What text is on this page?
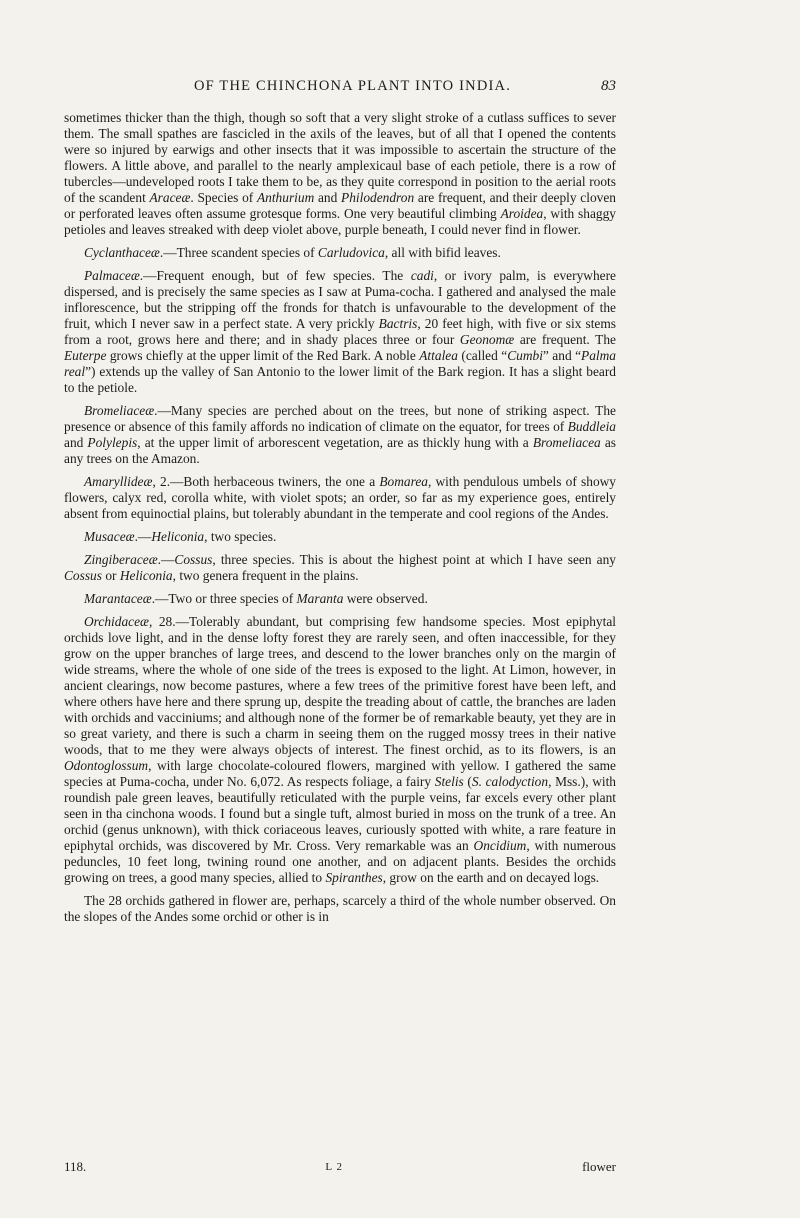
OF THE CHINCHONA PLANT INTO INDIA.	83

sometimes thicker than the thigh, though so soft that a very slight stroke of a cutlass suffices to sever them. The small spathes are fascicled in the axils of the leaves, but of all that I opened the contents were so injured by earwigs and other insects that it was impossible to ascertain the structure of the flowers. A little above, and parallel to the nearly amplexicaul base of each petiole, there is a row of tubercles—undeveloped roots I take them to be, as they quite correspond in position to the aerial roots of the scandent Araceæ. Species of Anthurium and Philodendron are frequent, and their deeply cloven or perforated leaves often assume grotesque forms. One very beautiful climbing Aroidea, with shaggy petioles and leaves streaked with deep violet above, purple beneath, I could never find in flower.

Cyclanthaceæ.—Three scandent species of Carludovica, all with bifid leaves.

Palmaceæ.—Frequent enough, but of few species. The cadi, or ivory palm, is everywhere dispersed, and is precisely the same species as I saw at Puma-cocha. I gathered and analysed the male inflorescence, but the stripping off the fronds for thatch is unfavourable to the development of the fruit, which I never saw in a perfect state. A very prickly Bactris, 20 feet high, with five or six stems from a root, grows here and there; and in shady places three or four Geonomæ are frequent. The Euterpe grows chiefly at the upper limit of the Red Bark. A noble Attalea (called “Cumbi” and “Palma real”) extends up the valley of San Antonio to the lower limit of the Bark region. It has a slight beard to the petiole.

Bromeliaceæ.—Many species are perched about on the trees, but none of striking aspect. The presence or absence of this family affords no indication of climate on the equator, for trees of Buddleia and Polylepis, at the upper limit of arborescent vegetation, are as thickly hung with a Bromeliacea as any trees on the Amazon.

Amaryllideæ, 2.—Both herbaceous twiners, the one a Bomarea, with pendulous umbels of showy flowers, calyx red, corolla white, with violet spots; an order, so far as my experience goes, entirely absent from equinoctial plains, but tolerably abundant in the temperate and cool regions of the Andes.

Musaceæ.—Heliconia, two species.

Zingiberaceæ.—Cossus, three species. This is about the highest point at which I have seen any Cossus or Heliconia, two genera frequent in the plains.

Marantaceæ.—Two or three species of Maranta were observed.

Orchidaceæ, 28.—Tolerably abundant, but comprising few handsome species. Most epiphytal orchids love light, and in the dense lofty forest they are rarely seen, and often inaccessible, for they grow on the upper branches of large trees, and descend to the lower branches only on the margin of wide streams, where the whole of one side of the trees is exposed to the light. At Limon, however, in ancient clearings, now become pastures, where a few trees of the primitive forest have been left, and where others have here and there sprung up, despite the treading about of cattle, the branches are laden with orchids and vacciniums; and although none of the former be of remarkable beauty, yet they are in so great variety, and there is such a charm in seeing them on the rugged mossy trees in their native woods, that to me they were always objects of interest. The finest orchid, as to its flowers, is an Odontoglossum, with large chocolate-coloured flowers, margined with yellow. I gathered the same species at Puma-cocha, under No. 6,072. As respects foliage, a fairy Stelis (S. calodyction, Mss.), with roundish pale green leaves, beautifully reticulated with the purple veins, far excels every other plant seen in tha cinchona woods. I found but a single tuft, almost buried in moss on the trunk of a tree. An orchid (genus unknown), with thick coriaceous leaves, curiously spotted with white, a rare feature in epiphytal orchids, was discovered by Mr. Cross. Very remarkable was an Oncidium, with numerous peduncles, 10 feet long, twining round one another, and on adjacent plants. Besides the orchids growing on trees, a good many species, allied to Spiranthes, grow on the earth and on decayed logs.

The 28 orchids gathered in flower are, perhaps, scarcely a third of the whole number observed. On the slopes of the Andes some orchid or other is in

118.	L 2	flower
